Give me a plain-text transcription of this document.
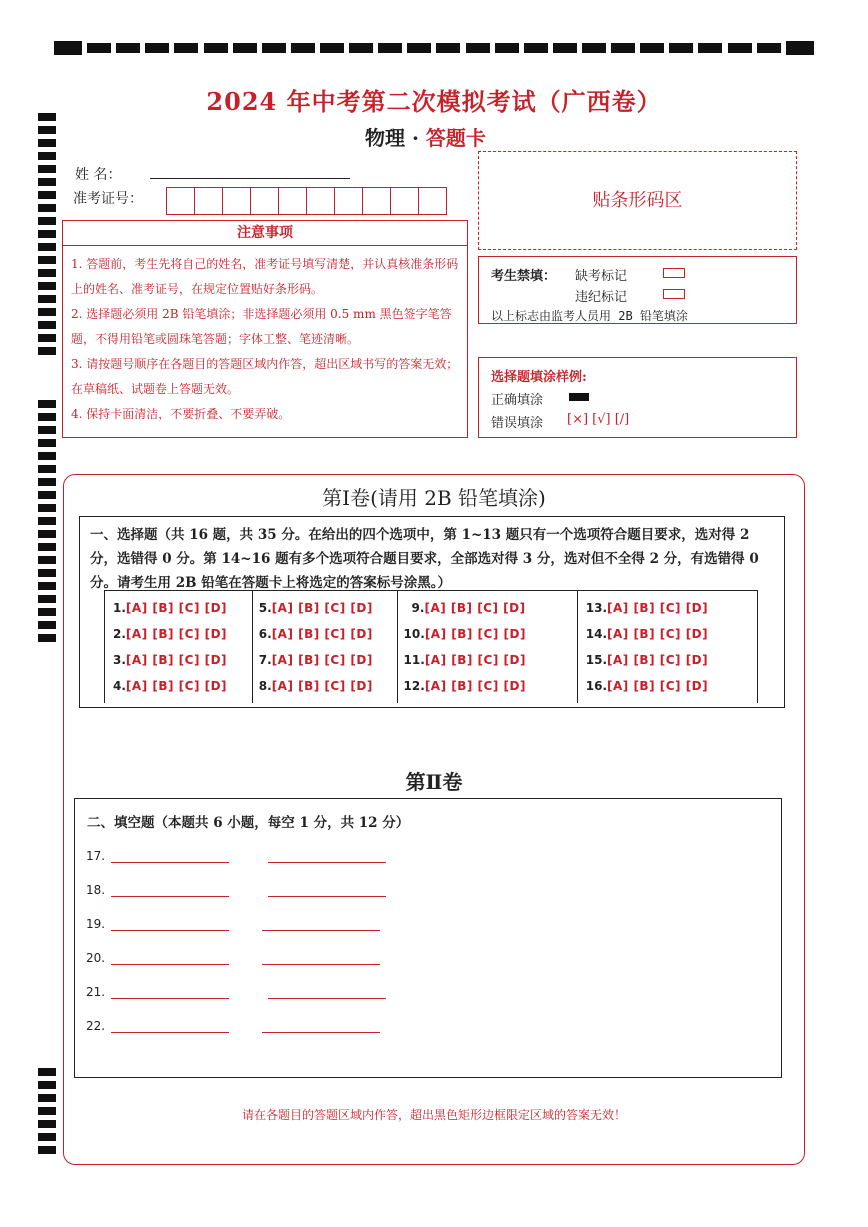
2024 年中考第二次模拟考试（广西卷）
物理 · 答题卡
姓 名：
准考证号：	贴条形码区
注意事项
1. 答题前，考生先将自己的姓名，准考证号填写清楚，并认真核准条形码上的姓名、准考证号，在规定位置贴好条形码。
2. 选择题必须用 2B 铅笔填涂；非选择题必须用 0.5 mm 黑色签字笔答题，不得用铅笔或圆珠笔答题；字体工整、笔迹清晰。
3. 请按题号顺序在各题目的答题区域内作答，超出区域书写的答案无效；在草稿纸、试题卷上答题无效。
4. 保持卡面清洁，不要折叠、不要弄破。
考生禁填： 缺考标记
违纪标记
以上标志由监考人员用 2B 铅笔填涂
选择题填涂样例:
正确填涂
错误填涂 [×] [√] [/]
第Ⅰ卷(请用 2B 铅笔填涂)
一、选择题（共 16 题，共 35 分。在给出的四个选项中，第 1~13 题只有一个选项符合题目要求，选对得 2 分，选错得 0 分。第 14~16 题有多个选项符合题目要求，全部选对得 3 分，选对但不全得 2 分，有选错得 0 分。请考生用 2B 铅笔在答题卡上将选定的答案标号涂黑。）
1.[A] [B] [C] [D]
2.[A] [B] [C] [D]
3.[A] [B] [C] [D]
4.[A] [B] [C] [D]
5.[A] [B] [C] [D]
6.[A] [B] [C] [D]
7.[A] [B] [C] [D]
8.[A] [B] [C] [D]
9.[A] [B] [C] [D]
10.[A] [B] [C] [D]
11.[A] [B] [C] [D]
12.[A] [B] [C] [D]
13.[A] [B] [C] [D]
14.[A] [B] [C] [D]
15.[A] [B] [C] [D]
16.[A] [B] [C] [D]
第Ⅱ卷
二、填空题（本题共 6 小题，每空 1 分，共 12 分）
17.
18.
19.
20.
21.
22.
请在各题目的答题区域内作答，超出黑色矩形边框限定区域的答案无效！
